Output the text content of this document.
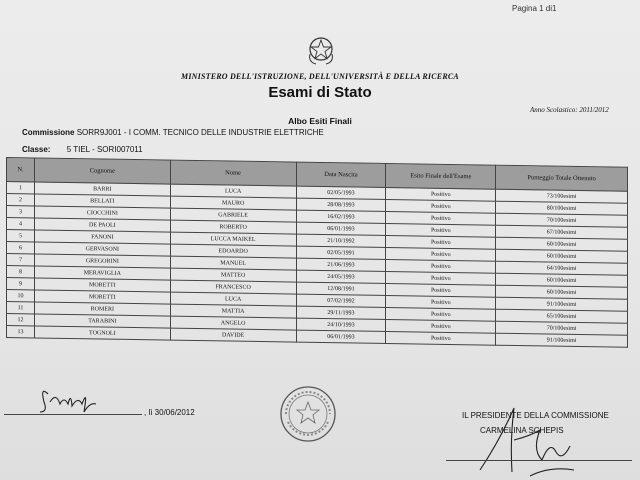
Pagina 1 di1
MINISTERO DELL'ISTRUZIONE, DELL'UNIVERSITÀ E DELLA RICERCA
Esami di Stato
Anno Scolastico: 2011/2012
Albo Esiti Finali
Commissione SORR9J001 - I COMM. TECNICO DELLE INDUSTRIE ELETTRICHE
Classe: 5 TIEL - SORI007011
N.	Cognome	Nome	Data Nascita	Esito Finale dell'Esame	Punteggio Totale Ottenuto
1	BARRI	LUCA	02/05/1993	Positivo	73/100esimi
2	BELLATI	MAURO	28/08/1993	Positivo	80/100esimi
3	CIOCCHINI	GABRIELE	16/02/1993	Positivo	70/100esimi
4	DE PAOLI	ROBERTO	06/01/1993	Positivo	67/100esimi
5	FANONI	LUCCA MAIKEL	21/10/1992	Positivo	60/100esimi
6	GERVASONI	EDOARDO	02/05/1991	Positivo	60/100esimi
7	GREGORINI	MANUEL	21/06/1993	Positivo	64/100esimi
8	MERAVIGLIA	MATTEO	24/05/1993	Positivo	60/100esimi
9	MORETTI	FRANCESCO	12/08/1991	Positivo	60/100esimi
10	MORETTI	LUCA	07/02/1992	Positivo	91/100esimi
11	ROMERI	MATTIA	29/11/1993	Positivo	65/100esimi
12	TARABINI	ANGELO	24/10/1993	Positivo	70/100esimi
13	TOGNOLI	DAVIDE	06/01/1993	Positivo	91/100esimi
, lì 30/06/2012	IL PRESIDENTE DELLA COMMISSIONE
CARMELINA SCHEPIS
